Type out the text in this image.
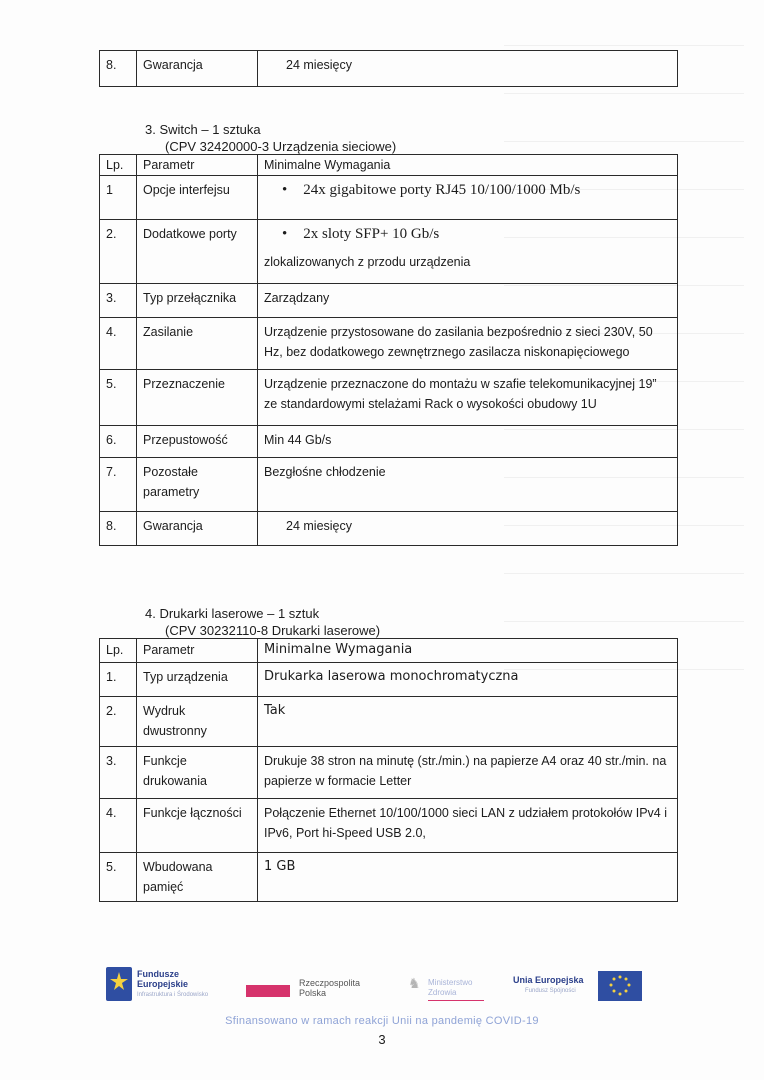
8.	Gwarancja	24 miesięcy
3. Switch – 1 sztuka
(CPV 32420000-3 Urządzenia sieciowe)
Lp.	Parametr	Minimalne Wymagania
1	Opcje interfejsu	• 24x gigabitowe porty RJ45 10/100/1000 Mb/s

2.	Dodatkowe porty	• 2x sloty SFP+ 10 Gb/s
zlokalizowanych z przodu urządzenia

3.	Typ przełącznika	Zarządzany
4.	Zasilanie	Urządzenie przystosowane do zasilania bezpośrednio z sieci 230V, 50 Hz, bez dodatkowego zewnętrznego zasilacza niskonapięciowego
5.	Przeznaczenie	Urządzenie przeznaczone do montażu w szafie telekomunikacyjnej 19” ze standardowymi stelażami Rack o wysokości obudowy 1U
6.	Przepustowość	Min 44 Gb/s
7.	Pozostałe parametry	Bezgłośne chłodzenie
8.	Gwarancja	24 miesięcy
4. Drukarki laserowe – 1 sztuk
(CPV 30232110-8 Drukarki laserowe)
Lp.	Parametr	Minimalne Wymagania
1.	Typ urządzenia	Drukarka laserowa monochromatyczna
2.	Wydruk dwustronny	Tak
3.	Funkcje drukowania	Drukuje 38 stron na minutę (str./min.) na papierze A4 oraz 40 str./min. na papierze w formacie Letter
4.	Funkcje łączności	Połączenie Ethernet 10/100/1000 sieci LAN z udziałem protokołów IPv4 i IPv6, Port hi-Speed USB 2.0,
5.	Wbudowana pamięć	1 GB
Fundusze
Europejskie
Infrastruktura i Środowisko
Rzeczpospolita
Polska
♞ Ministerstwo
Zdrowia
Unia Europejska
Fundusz Spójności
Sfinansowano w ramach reakcji Unii na pandemię COVID-19
3
